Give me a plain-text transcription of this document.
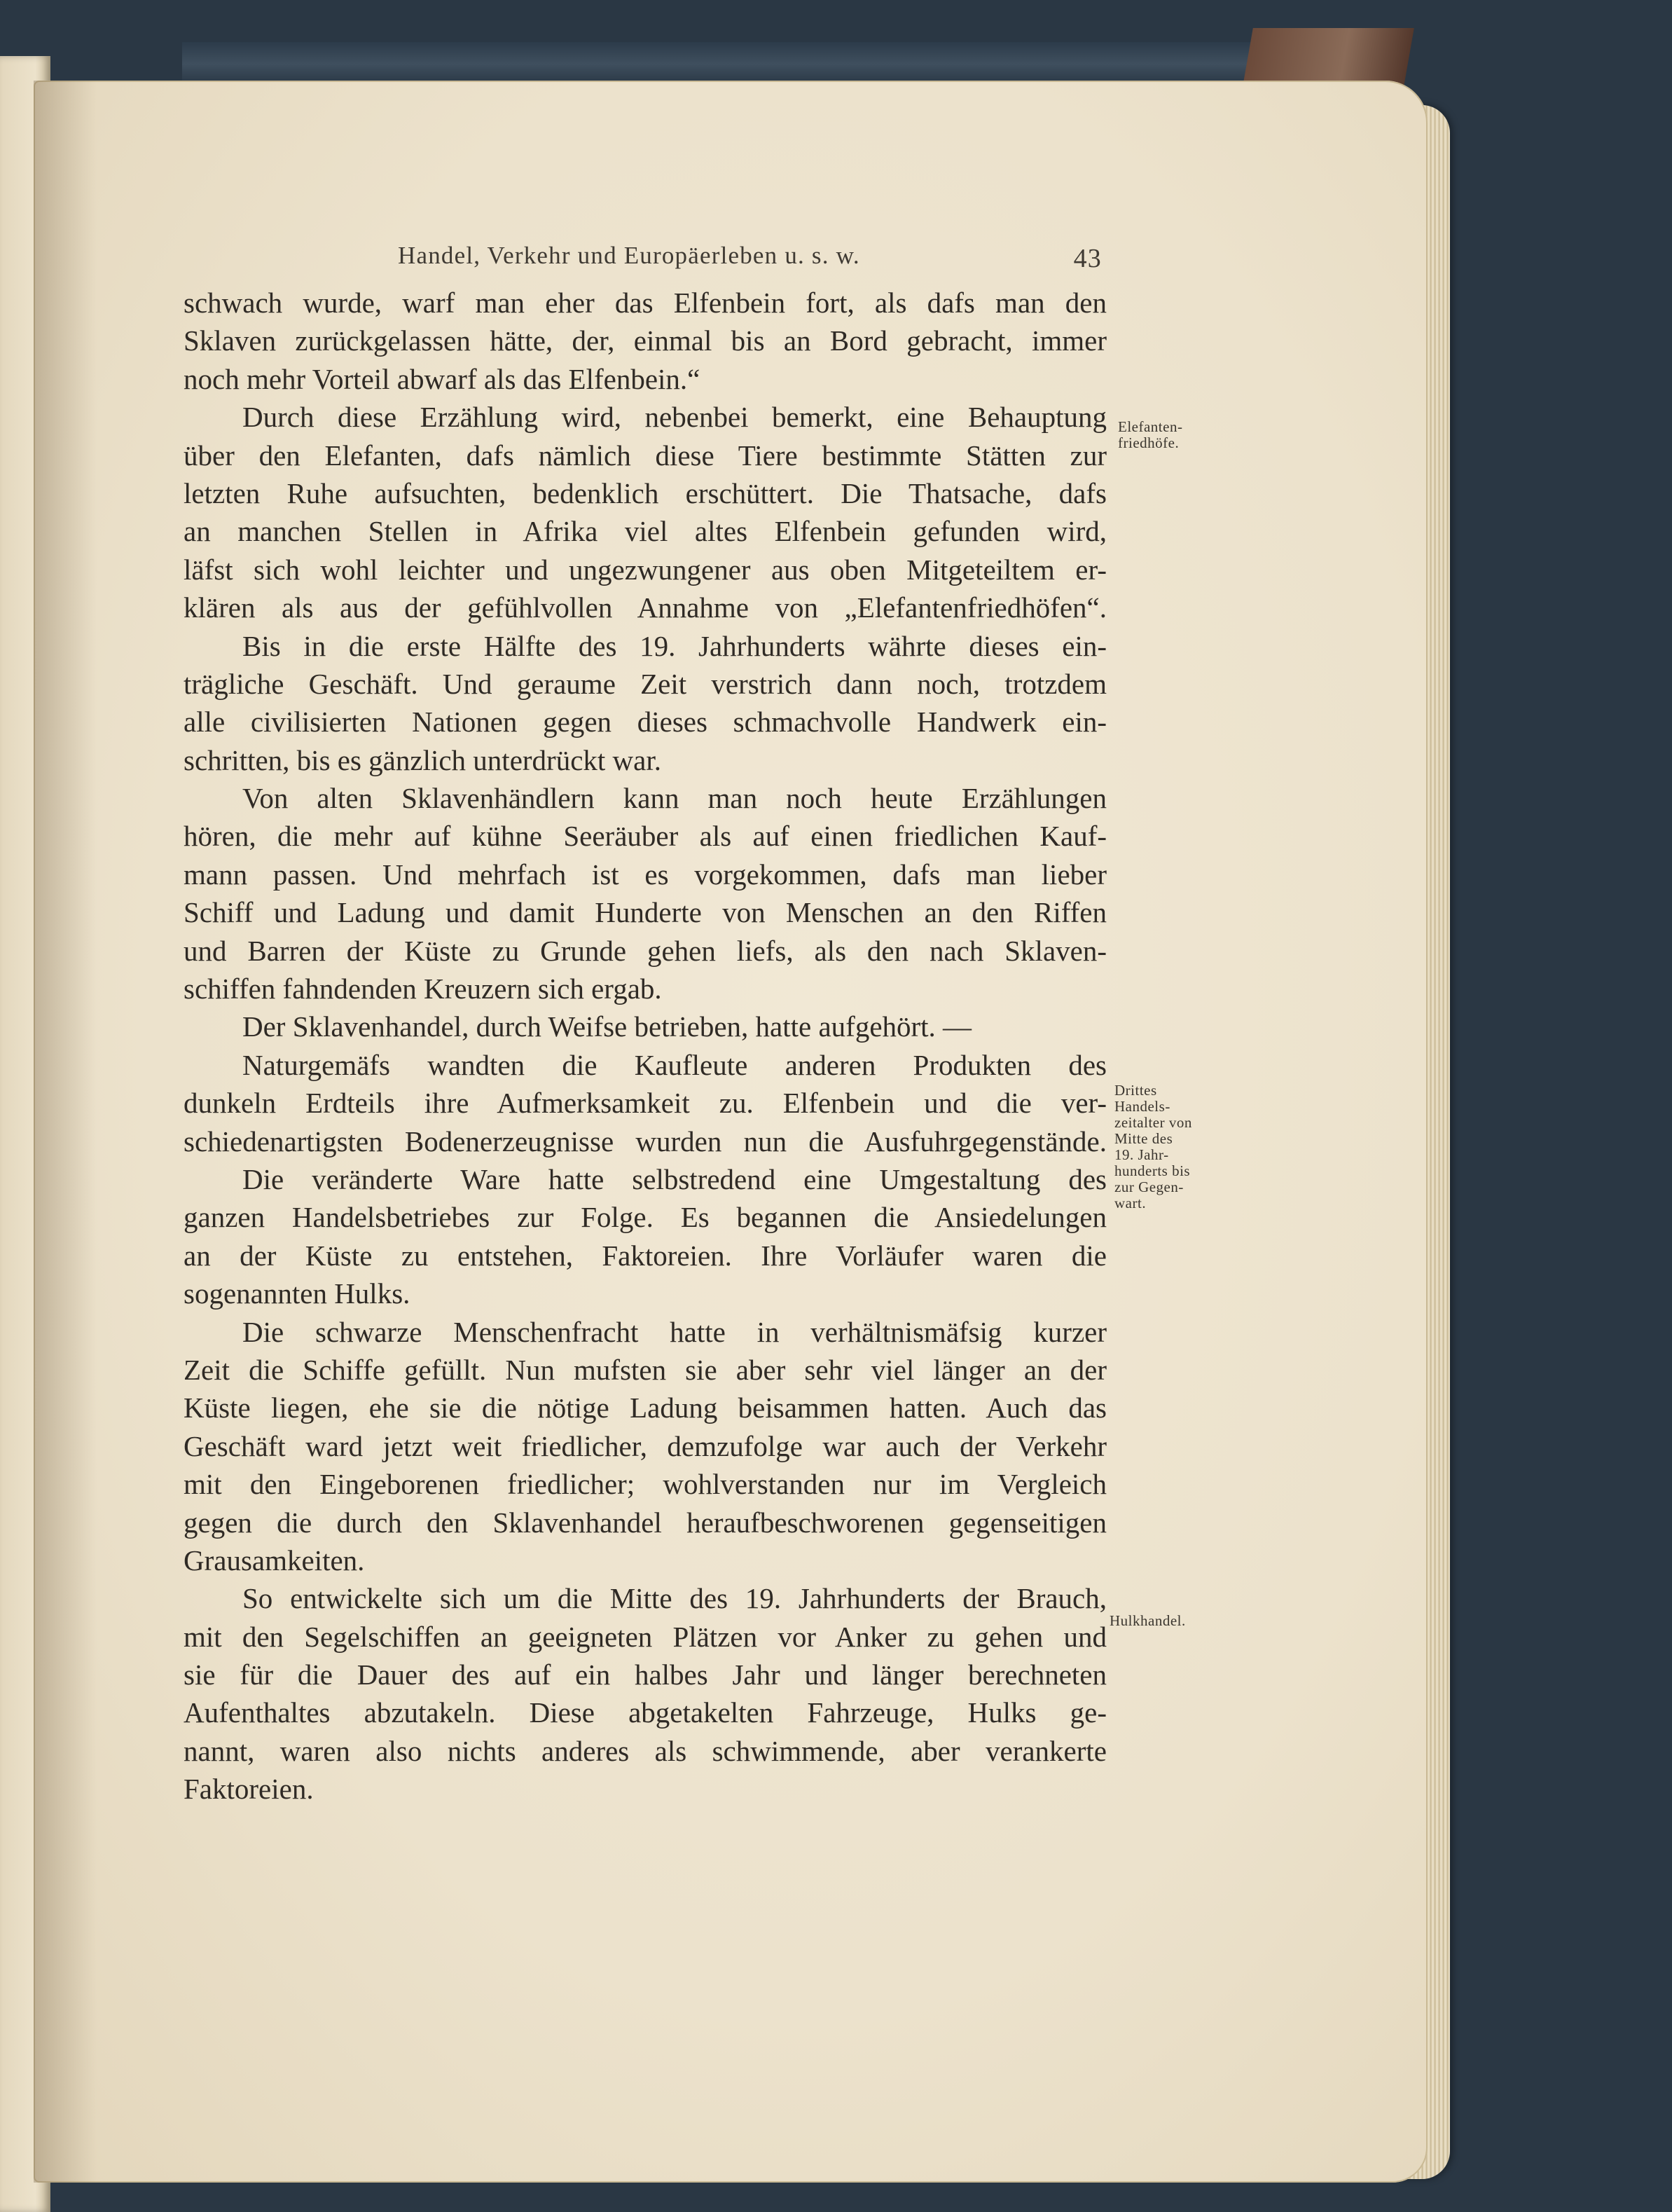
Handel, Verkehr und Europäerleben u. s. w.	43
schwach wurde, warf man eher das Elfenbein fort, als dafs man den
Sklaven zurückgelassen hätte, der, einmal bis an Bord gebracht, immer
noch mehr Vorteil abwarf als das Elfenbein.“
Durch diese Erzählung wird, nebenbei bemerkt, eine Behauptung
über den Elefanten, dafs nämlich diese Tiere bestimmte Stätten zur
letzten Ruhe aufsuchten, bedenklich erschüttert. Die Thatsache, dafs
an manchen Stellen in Afrika viel altes Elfenbein gefunden wird,
läfst sich wohl leichter und ungezwungener aus oben Mitgeteiltem er-
klären als aus der gefühlvollen Annahme von „Elefantenfriedhöfen“.
Bis in die erste Hälfte des 19. Jahrhunderts währte dieses ein-
trägliche Geschäft. Und geraume Zeit verstrich dann noch, trotzdem
alle civilisierten Nationen gegen dieses schmachvolle Handwerk ein-
schritten, bis es gänzlich unterdrückt war.
Von alten Sklavenhändlern kann man noch heute Erzählungen
hören, die mehr auf kühne Seeräuber als auf einen friedlichen Kauf-
mann passen. Und mehrfach ist es vorgekommen, dafs man lieber
Schiff und Ladung und damit Hunderte von Menschen an den Riffen
und Barren der Küste zu Grunde gehen liefs, als den nach Sklaven-
schiffen fahndenden Kreuzern sich ergab.
Der Sklavenhandel, durch Weifse betrieben, hatte aufgehört. —
Naturgemäfs wandten die Kaufleute anderen Produkten des
dunkeln Erdteils ihre Aufmerksamkeit zu. Elfenbein und die ver-
schiedenartigsten Bodenerzeugnisse wurden nun die Ausfuhrgegenstände.
Die veränderte Ware hatte selbstredend eine Umgestaltung des
ganzen Handelsbetriebes zur Folge. Es begannen die Ansiedelungen
an der Küste zu entstehen, Faktoreien. Ihre Vorläufer waren die
sogenannten Hulks.
Die schwarze Menschenfracht hatte in verhältnismäfsig kurzer
Zeit die Schiffe gefüllt. Nun mufsten sie aber sehr viel länger an der
Küste liegen, ehe sie die nötige Ladung beisammen hatten. Auch das
Geschäft ward jetzt weit friedlicher, demzufolge war auch der Verkehr
mit den Eingeborenen friedlicher; wohlverstanden nur im Vergleich
gegen die durch den Sklavenhandel heraufbeschworenen gegenseitigen
Grausamkeiten.
So entwickelte sich um die Mitte des 19. Jahrhunderts der Brauch,
mit den Segelschiffen an geeigneten Plätzen vor Anker zu gehen und
sie für die Dauer des auf ein halbes Jahr und länger berechneten
Aufenthaltes abzutakeln. Diese abgetakelten Fahrzeuge, Hulks ge-
nannt, waren also nichts anderes als schwimmende, aber verankerte
Faktoreien.
Elefanten-
friedhöfe.
Drittes
Handels-
zeitalter von
Mitte des
19. Jahr-
hunderts bis
zur Gegen-
wart.
Hulkhandel.
